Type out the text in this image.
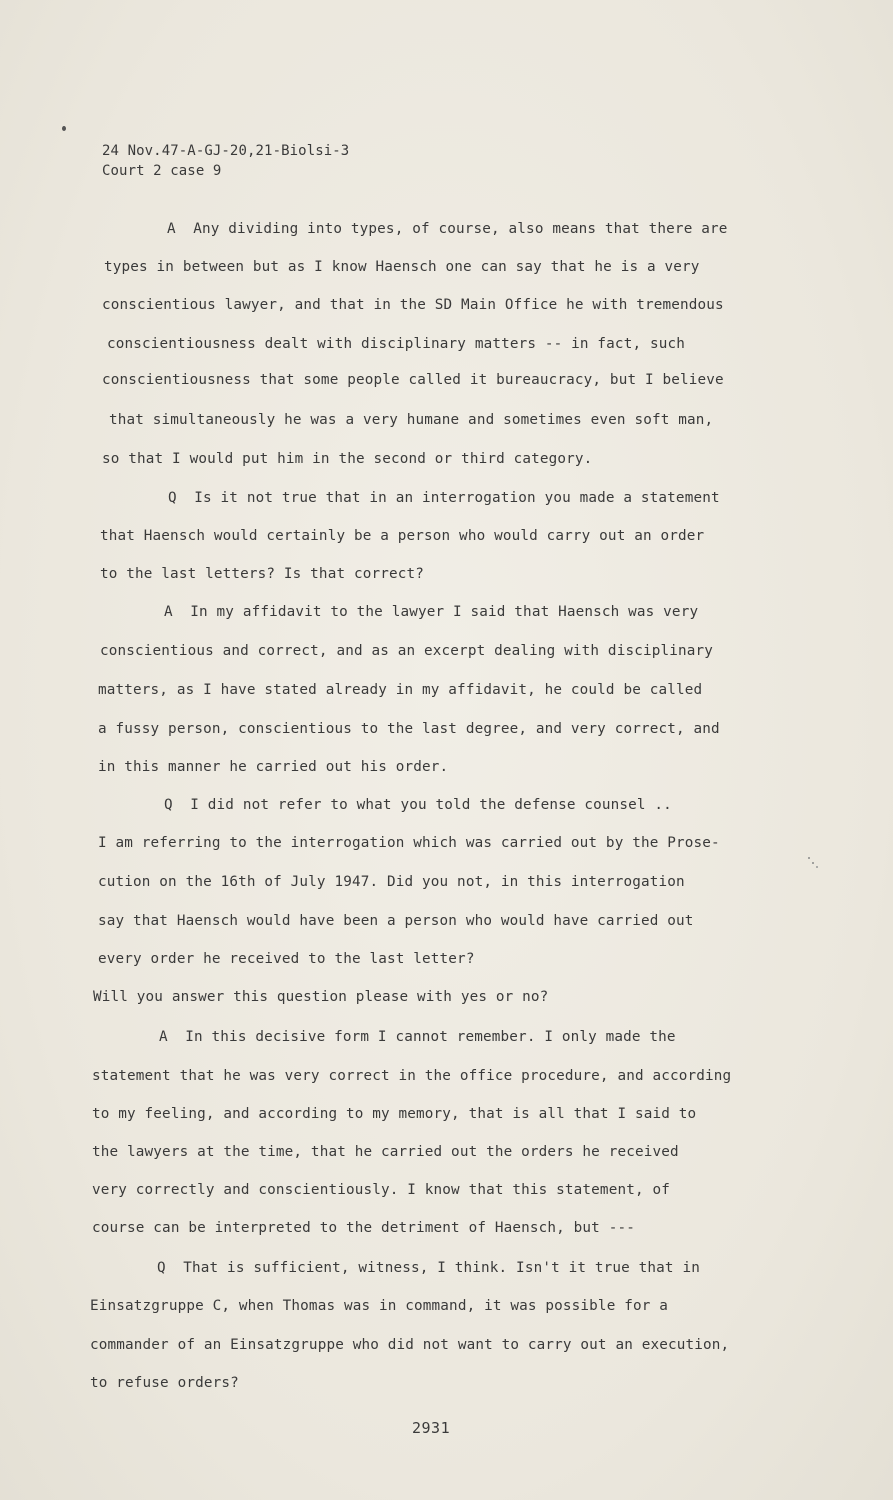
24 Nov.47-A-GJ-20,21-Biolsi-3
Court 2 case 9
A  Any dividing into types, of course, also means that there are
types in between but as I know Haensch one can say that he is a very
conscientious lawyer, and that in the SD Main Office he with tremendous
conscientiousness dealt with disciplinary matters -- in fact, such
conscientiousness that some people called it bureaucracy, but I believe
that simultaneously he was a very humane and sometimes even soft man,
so that I would put him in the second or third category.
Q  Is it not true that in an interrogation you made a statement
that Haensch would certainly be a person who would carry out an order
to the last letters? Is that correct?
A  In my affidavit to the lawyer I said that Haensch was very
conscientious and correct, and as an excerpt dealing with disciplinary
matters, as I have stated already in my affidavit, he could be called
a fussy person, conscientious to the last degree, and very correct, and
in this manner he carried out his order.
Q  I did not refer to what you told the defense counsel ..
I am referring to the interrogation which was carried out by the Prose-
cution on the 16th of July 1947. Did you not, in this interrogation
say that Haensch would have been a person who would have carried out
every order he received to the last letter?
Will you answer this question please with yes or no?
A  In this decisive form I cannot remember. I only made the
statement that he was very correct in the office procedure, and according
to my feeling, and according to my memory, that is all that I said to
the lawyers at the time, that he carried out the orders he received
very correctly and conscientiously. I know that this statement, of
course can be interpreted to the detriment of Haensch, but ---
Q  That is sufficient, witness, I think. Isn't it true that in
Einsatzgruppe C, when Thomas was in command, it was possible for a
commander of an Einsatzgruppe who did not want to carry out an execution,
to refuse orders?
2931
